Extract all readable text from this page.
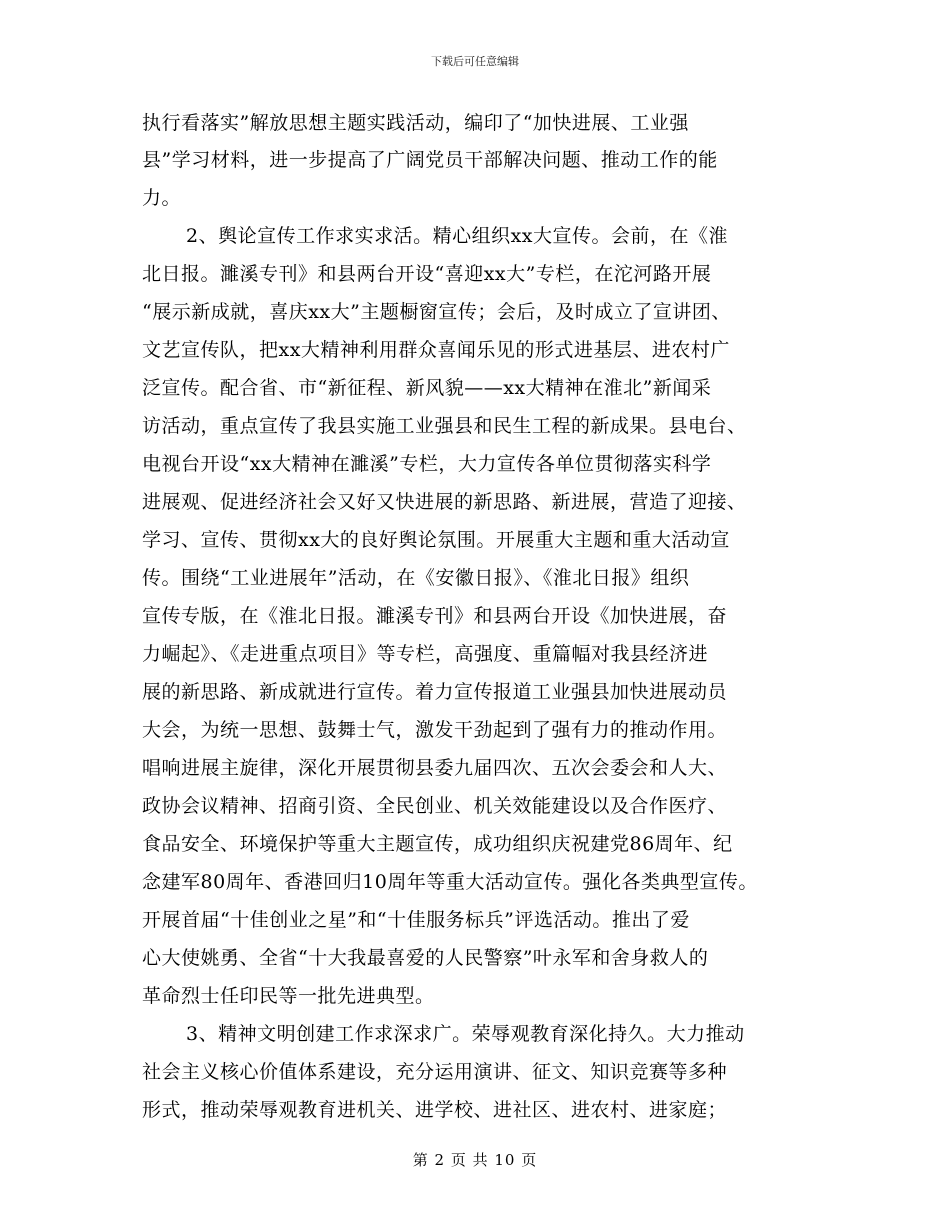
下载后可任意编辑
执行看落实”解放思想主题实践活动，编印了“加快进展、工业强
县”学习材料，进一步提高了广阔党员干部解决问题、推动工作的能
力。
2、舆论宣传工作求实求活。精心组织xx大宣传。会前，在《淮
北日报。濉溪专刊》和县两台开设“喜迎xx大”专栏，在沱河路开展
“展示新成就，喜庆xx大”主题橱窗宣传；会后，及时成立了宣讲团、
文艺宣传队，把xx大精神利用群众喜闻乐见的形式进基层、进农村广
泛宣传。配合省、市“新征程、新风貌——xx大精神在淮北”新闻采
访活动，重点宣传了我县实施工业强县和民生工程的新成果。县电台、
电视台开设“xx大精神在濉溪”专栏，大力宣传各单位贯彻落实科学
进展观、促进经济社会又好又快进展的新思路、新进展，营造了迎接、
学习、宣传、贯彻xx大的良好舆论氛围。开展重大主题和重大活动宣
传。围绕“工业进展年”活动，在《安徽日报》、《淮北日报》组织
宣传专版，在《淮北日报。濉溪专刊》和县两台开设《加快进展，奋
力崛起》、《走进重点项目》等专栏，高强度、重篇幅对我县经济进
展的新思路、新成就进行宣传。着力宣传报道工业强县加快进展动员
大会，为统一思想、鼓舞士气，激发干劲起到了强有力的推动作用。
唱响进展主旋律，深化开展贯彻县委九届四次、五次会委会和人大、
政协会议精神、招商引资、全民创业、机关效能建设以及合作医疗、
食品安全、环境保护等重大主题宣传，成功组织庆祝建党86周年、纪
念建军80周年、香港回归10周年等重大活动宣传。强化各类典型宣传。
开展首届“十佳创业之星”和“十佳服务标兵”评选活动。推出了爱
心大使姚勇、全省“十大我最喜爱的人民警察”叶永军和舍身救人的
革命烈士任印民等一批先进典型。
3、精神文明创建工作求深求广。荣辱观教育深化持久。大力推动
社会主义核心价值体系建设，充分运用演讲、征文、知识竞赛等多种
形式，推动荣辱观教育进机关、进学校、进社区、进农村、进家庭；
第 2 页 共 10 页
